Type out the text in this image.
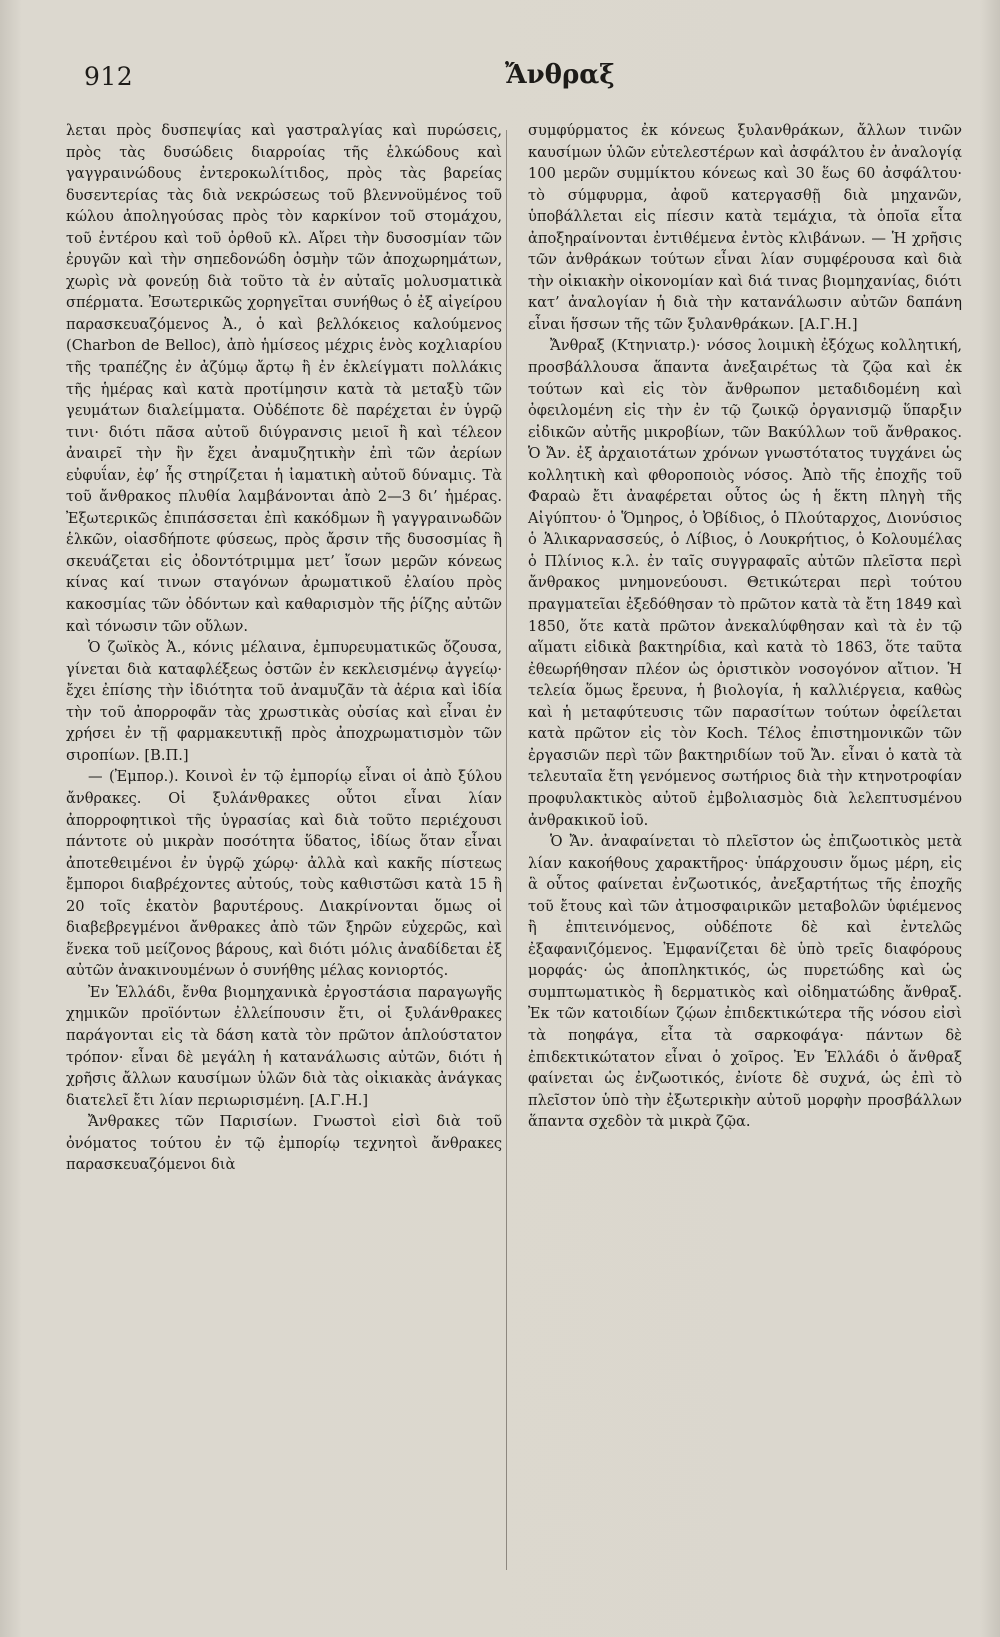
912	Ἄνθραξ

λεται πρὸς δυσπεψίας καὶ γαστραλγίας καὶ πυρώσεις, πρὸς τὰς δυσώδεις διαρροίας τῆς ἑλκώδους καὶ γαγγραινώδους ἐντεροκωλίτιδος, πρὸς τὰς βαρείας δυσεντερίας τὰς διὰ νεκρώσεως τοῦ βλεννοϋμένος τοῦ κώλου ἀποληγούσας πρὸς τὸν καρκίνον τοῦ στομάχου, τοῦ ἐντέρου καὶ τοῦ ὀρθοῦ κλ. Αἴρει τὴν δυσοσμίαν τῶν ἐρυγῶν καὶ τὴν σηπεδονώδη ὀσμὴν τῶν ἀποχωρημάτων, χωρὶς νὰ φονεύῃ διὰ τοῦτο τὰ ἐν αὐταῖς μολυσματικὰ σπέρματα. Ἐσωτερικῶς χορηγεῖται συνήθως ὁ ἐξ αἰγείρου παρασκευαζόμενος Ἀ., ὁ καὶ βελλόκειος καλούμενος (Charbon de Belloc), ἀπὸ ἡμίσεος μέχρις ἑνὸς κοχλιαρίου τῆς τραπέζης ἐν ἀζύμῳ ἄρτῳ ἢ ἐν ἐκλείγματι πολλάκις τῆς ἡμέρας καὶ κατὰ προτίμησιν κατὰ τὰ μεταξὺ τῶν γευμάτων διαλείμματα. Οὐδέποτε δὲ παρέχεται ἐν ὑγρῷ τινι· διότι πᾶσα αὐτοῦ διύγρανσις μειοῖ ἢ καὶ τέλεον ἀναιρεῖ τὴν ἣν ἔχει ἀναμυζητικὴν ἐπὶ τῶν ἀερίων εὐφυΐαν, ἐφ’ ἧς στηρίζεται ἡ ἰαματικὴ αὐτοῦ δύναμις. Τὰ τοῦ ἄνθρακος πλυθία λαμβάνονται ἀπὸ 2—3 δι’ ἡμέρας. Ἐξωτερικῶς ἐπιπάσσεται ἐπὶ κακόδμων ἢ γαγγραινωδῶν ἑλκῶν, οἱασδήποτε φύσεως, πρὸς ἄρσιν τῆς δυσοσμίας ἢ σκευάζεται εἰς ὀδοντότριμμα μετ’ ἴσων μερῶν κόνεως κίνας καί τινων σταγόνων ἀρωματικοῦ ἐλαίου πρὸς κακοσμίας τῶν ὀδόντων καὶ καθαρισμὸν τῆς ῥίζης αὐτῶν καὶ τόνωσιν τῶν οὔλων.

Ὁ ζωϊκὸς Ἀ., κόνις μέλαινα, ἐμπυρευματικῶς ὄζουσα, γίνεται διὰ καταφλέξεως ὀστῶν ἐν κεκλεισμένῳ ἀγγείῳ· ἔχει ἐπίσης τὴν ἰδιότητα τοῦ ἀναμυζᾶν τὰ ἀέρια καὶ ἰδία τὴν τοῦ ἀπορροφᾶν τὰς χρωστικὰς οὐσίας καὶ εἶναι ἐν χρήσει ἐν τῇ φαρμακευτικῇ πρὸς ἀποχρωματισμὸν τῶν σιροπίων. [Β.Π.]

— (Ἐμπορ.). Κοινοὶ ἐν τῷ ἐμπορίῳ εἶναι οἱ ἀπὸ ξύλου ἄνθρακες. Οἱ ξυλάνθρακες οὗτοι εἶναι λίαν ἀπορροφητικοὶ τῆς ὑγρασίας καὶ διὰ τοῦτο περιέχουσι πάντοτε οὐ μικρὰν ποσότητα ὕδατος, ἰδίως ὅταν εἶναι ἀποτεθειμένοι ἐν ὑγρῷ χώρῳ· ἀλλὰ καὶ κακῆς πίστεως ἔμποροι διαβρέχοντες αὐτούς, τοὺς καθιστῶσι κατὰ 15 ἢ 20 τοῖς ἑκατὸν βαρυτέρους. Διακρίνονται ὅμως οἱ διαβεβρεγμένοι ἄνθρακες ἀπὸ τῶν ξηρῶν εὐχερῶς, καὶ ἕνεκα τοῦ μείζονος βάρους, καὶ διότι μόλις ἀναδίδεται ἐξ αὐτῶν ἀνακινουμένων ὁ συνήθης μέλας κονιορτός.

Ἐν Ἑλλάδι, ἔνθα βιομηχανικὰ ἐργοστάσια παραγωγῆς χημικῶν προϊόντων ἐλλείπουσιν ἔτι, οἱ ξυλάνθρακες παράγονται εἰς τὰ δάση κατὰ τὸν πρῶτον ἁπλούστατον τρόπον· εἶναι δὲ μεγάλη ἡ κατανάλωσις αὐτῶν, διότι ἡ χρῆσις ἄλλων καυσίμων ὑλῶν διὰ τὰς οἰκιακὰς ἀνάγκας διατελεῖ ἔτι λίαν περιωρισμένη. [Α.Γ.Η.]

Ἄνθρακες τῶν Παρισίων. Γνωστοὶ εἰσὶ διὰ τοῦ ὀνόματος τούτου ἐν τῷ ἐμπορίῳ τεχνητοὶ ἄνθρακες παρασκευαζόμενοι διὰ

συμφύρματος ἐκ κόνεως ξυλανθράκων, ἄλλων τινῶν καυσίμων ὑλῶν εὐτελεστέρων καὶ ἀσφάλτου ἐν ἀναλογίᾳ 100 μερῶν συμμίκτου κόνεως καὶ 30 ἕως 60 ἀσφάλτου· τὸ σύμφυρμα, ἀφοῦ κατεργασθῇ διὰ μηχανῶν, ὑποβάλλεται εἰς πίεσιν κατὰ τεμάχια, τὰ ὁποῖα εἶτα ἀποξηραίνονται ἐντιθέμενα ἐντὸς κλιβάνων. — Ἡ χρῆσις τῶν ἀνθράκων τούτων εἶναι λίαν συμφέρουσα καὶ διὰ τὴν οἰκιακὴν οἰκονομίαν καὶ διά τινας βιομηχανίας, διότι κατ’ ἀναλογίαν ἡ διὰ τὴν κατανάλωσιν αὐτῶν δαπάνη εἶναι ἥσσων τῆς τῶν ξυλανθράκων. [Α.Γ.Η.]

Ἄνθραξ (Κτηνιατρ.)· νόσος λοιμικὴ ἐξόχως κολλητική, προσβάλλουσα ἅπαντα ἀνεξαιρέτως τὰ ζῷα καὶ ἐκ τούτων καὶ εἰς τὸν ἄνθρωπον μεταδιδομένη καὶ ὀφειλομένη εἰς τὴν ἐν τῷ ζωικῷ ὀργανισμῷ ὕπαρξιν εἰδικῶν αὐτῆς μικροβίων, τῶν Βακύλλων τοῦ ἄνθρακος. Ὁ Ἄν. ἐξ ἀρχαιοτάτων χρόνων γνωστότατος τυγχάνει ὡς κολλητικὴ καὶ φθοροποιὸς νόσος. Ἀπὸ τῆς ἐποχῆς τοῦ Φαραὼ ἔτι ἀναφέρεται οὗτος ὡς ἡ ἕκτη πληγὴ τῆς Αἰγύπτου· ὁ Ὅμηρος, ὁ Ὀβίδιος, ὁ Πλούταρχος, Διονύσιος ὁ Ἁλικαρνασσεύς, ὁ Λίβιος, ὁ Λουκρήτιος, ὁ Κολουμέλας ὁ Πλίνιος κ.λ. ἐν ταῖς συγγραφαῖς αὐτῶν πλεῖστα περὶ ἄνθρακος μνημονεύουσι. Θετικώτεραι περὶ τούτου πραγματεῖαι ἐξεδόθησαν τὸ πρῶτον κατὰ τὰ ἔτη 1849 καὶ 1850, ὅτε κατὰ πρῶτον ἀνεκαλύφθησαν καὶ τὰ ἐν τῷ αἵματι εἰδικὰ βακτηρίδια, καὶ κατὰ τὸ 1863, ὅτε ταῦτα ἐθεωρήθησαν πλέον ὡς ὁριστικὸν νοσογόνον αἴτιον. Ἡ τελεία ὅμως ἔρευνα, ἡ βιολογία, ἡ καλλιέργεια, καθὼς καὶ ἡ μεταφύτευσις τῶν παρασίτων τούτων ὀφείλεται κατὰ πρῶτον εἰς τὸν Koch. Τέλος ἐπιστημονικῶν τῶν ἐργασιῶν περὶ τῶν βακτηριδίων τοῦ Ἄν. εἶναι ὁ κατὰ τὰ τελευταῖα ἔτη γενόμενος σωτήριος διὰ τὴν κτηνοτροφίαν προφυλακτικὸς αὐτοῦ ἐμβολιασμὸς διὰ λελεπτυσμένου ἀνθρακικοῦ ἰοῦ.

Ὁ Ἄν. ἀναφαίνεται τὸ πλεῖστον ὡς ἐπιζωοτικὸς μετὰ λίαν κακοήθους χαρακτῆρος· ὑπάρχουσιν ὅμως μέρη, εἰς ἃ οὗτος φαίνεται ἐνζωοτικός, ἀνεξαρτήτως τῆς ἐποχῆς τοῦ ἔτους καὶ τῶν ἀτμοσφαιρικῶν μεταβολῶν ὑφιέμενος ἢ ἐπιτεινόμενος, οὐδέποτε δὲ καὶ ἐντελῶς ἐξαφανιζόμενος. Ἐμφανίζεται δὲ ὑπὸ τρεῖς διαφόρους μορφάς· ὡς ἀποπληκτικός, ὡς πυρετώδης καὶ ὡς συμπτωματικὸς ἢ δερματικὸς καὶ οἰδηματώδης ἄνθραξ. Ἐκ τῶν κατοιδίων ζῴων ἐπιδεκτικώτερα τῆς νόσου εἰσὶ τὰ ποηφάγα, εἶτα τὰ σαρκοφάγα· πάντων δὲ ἐπιδεκτικώτατον εἶναι ὁ χοῖρος. Ἐν Ἑλλάδι ὁ ἄνθραξ φαίνεται ὡς ἐνζωοτικός, ἐνίοτε δὲ συχνά, ὡς ἐπὶ τὸ πλεῖστον ὑπὸ τὴν ἐξωτερικὴν αὐτοῦ μορφὴν προσβάλλων ἅπαντα σχεδὸν τὰ μικρὰ ζῷα.
